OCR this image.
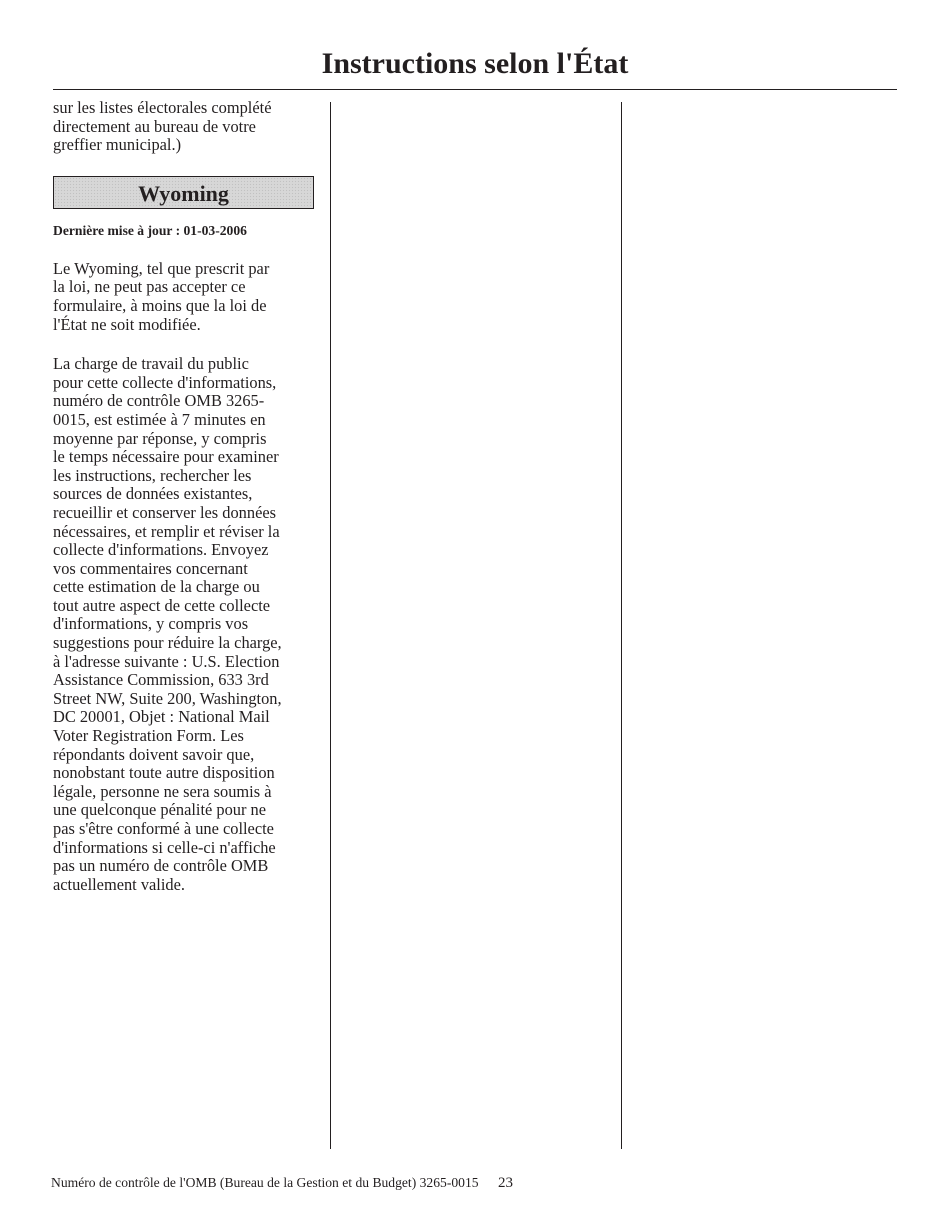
Instructions selon l'État

sur les listes électorales complété
directement au bureau de votre
greffier municipal.)

Wyoming

Dernière mise à jour : 01-03-2006

Le Wyoming, tel que prescrit par
la loi, ne peut pas accepter ce
formulaire, à moins que la loi de
l'État ne soit modifiée.

La charge de travail du public
pour cette collecte d'informations,
numéro de contrôle OMB 3265-
0015, est estimée à 7 minutes en
moyenne par réponse, y compris
le temps nécessaire pour examiner
les instructions, rechercher les
sources de données existantes,
recueillir et conserver les données
nécessaires, et remplir et réviser la
collecte d'informations. Envoyez
vos commentaires concernant
cette estimation de la charge ou
tout autre aspect de cette collecte
d'informations, y compris vos
suggestions pour réduire la charge,
à l'adresse suivante : U.S. Election
Assistance Commission, 633 3rd
Street NW, Suite 200, Washington,
DC 20001, Objet : National Mail
Voter Registration Form. Les
répondants doivent savoir que,
nonobstant toute autre disposition
légale, personne ne sera soumis à
une quelconque pénalité pour ne
pas s'être conformé à une collecte
d'informations si celle-ci n'affiche
pas un numéro de contrôle OMB
actuellement valide.

Numéro de contrôle de l'OMB (Bureau de la Gestion et du Budget) 3265-0015 23
